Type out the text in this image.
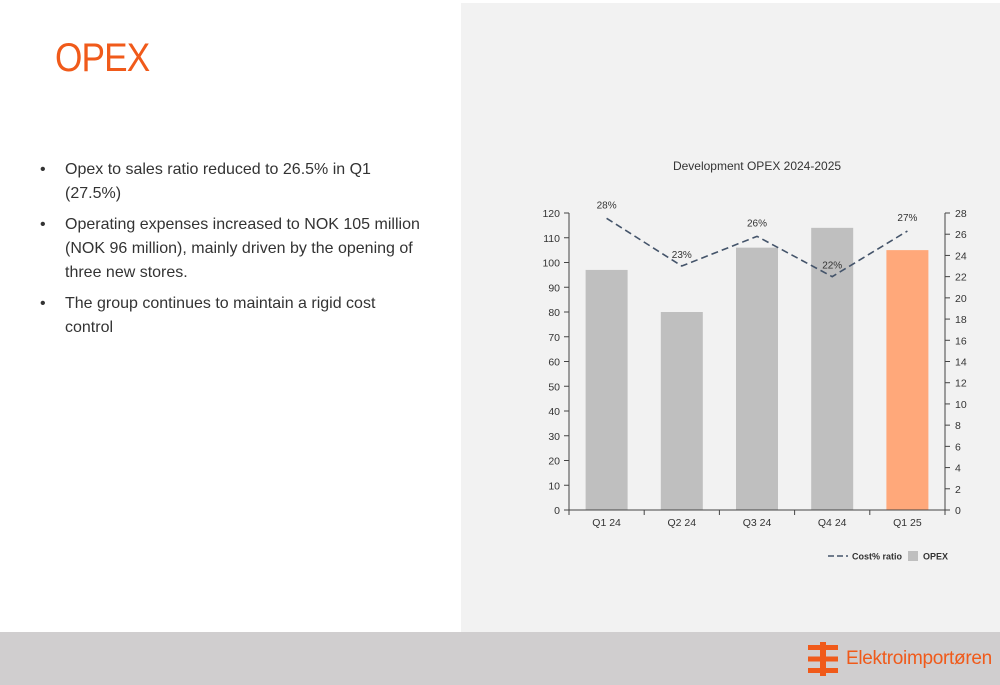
OPEX
• Opex to sales ratio reduced to 26.5% in Q1 (27.5%)
• Operating expenses increased to NOK 105 million (NOK 96 million), mainly driven by the opening of three new stores.
• The group continues to maintain a rigid cost control
Development OPEX 2024-2025
0
10
20
30
40
50
60
70
80
90
100
110
120
0
2
4
6
8
10
12
14
16
18
20
22
24
26
28
Q1 24	Q2 24	Q3 24	Q4 24	Q1 25
28%
23%
26%
22%
27%
Cost% ratio OPEX
Elektroimportøren
